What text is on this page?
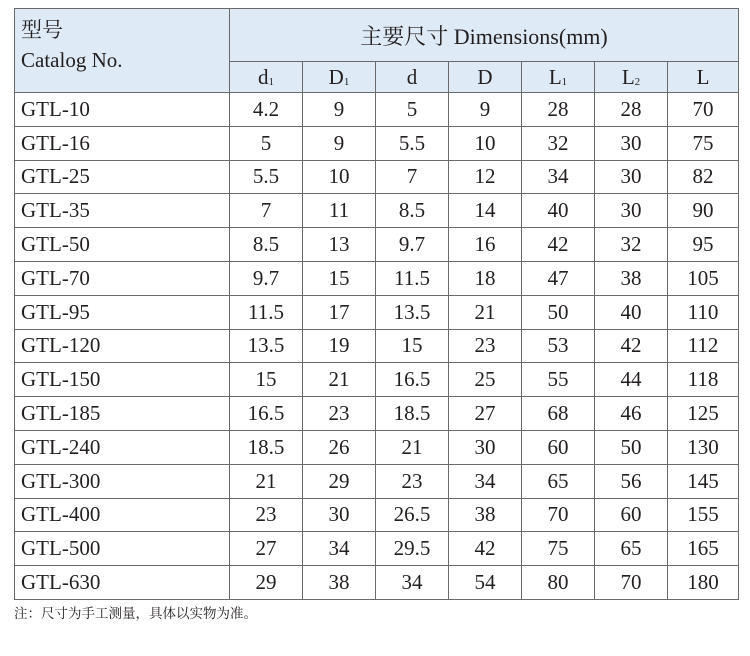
型号
Catalog No.	主要尺寸 Dimensions(mm)						
	$d_1$	$D_1$	d	D	$L_1$	$L_2$	L
GTL-10	4.2	9	5	9	28	28	70
GTL-16	5	9	5.5	10	32	30	75
GTL-25	5.5	10	7	12	34	30	82
GTL-35	7	11	8.5	14	40	30	90
GTL-50	8.5	13	9.7	16	42	32	95
GTL-70	9.7	15	11.5	18	47	38	105
GTL-95	11.5	17	13.5	21	50	40	110
GTL-120	13.5	19	15	23	53	42	112
GTL-150	15	21	16.5	25	55	44	118
GTL-185	16.5	23	18.5	27	68	46	125
GTL-240	18.5	26	21	30	60	50	130
GTL-300	21	29	23	34	65	56	145
GTL-400	23	30	26.5	38	70	60	155
GTL-500	27	34	29.5	42	75	65	165
GTL-630	29	38	34	54	80	70	180
注：尺寸为手工测量，具体以实物为准。
